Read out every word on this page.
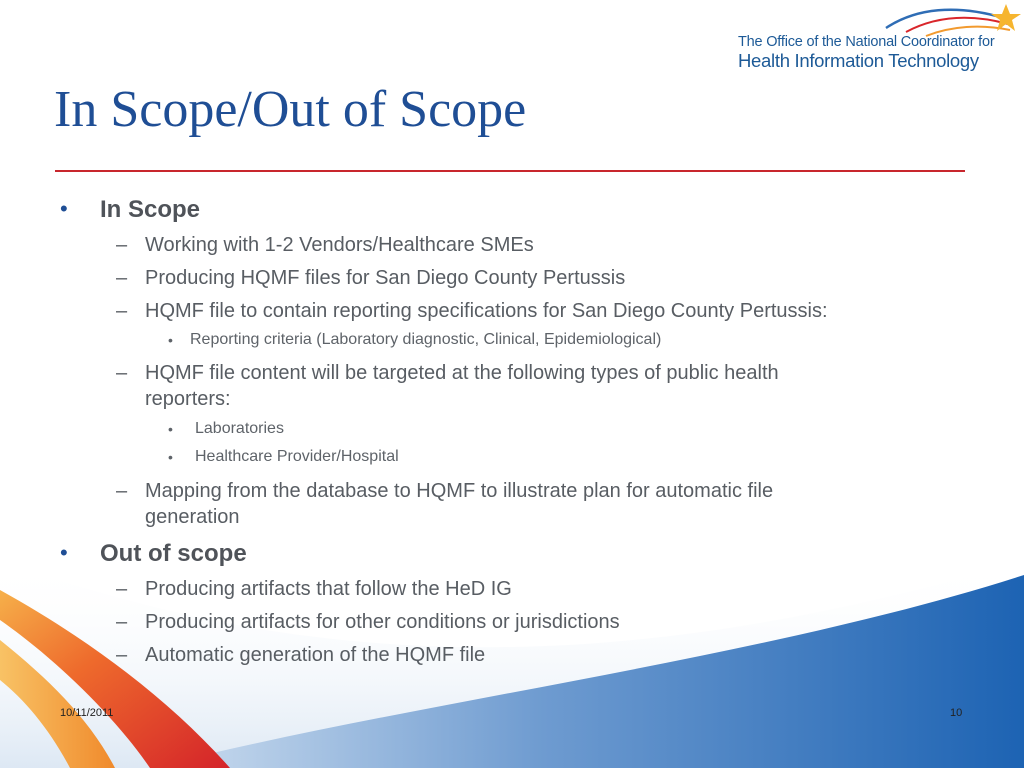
The Office of the National Coordinator for
Health Information Technology
In Scope/Out of Scope
• In Scope
– Working with 1-2 Vendors/Healthcare SMEs
– Producing HQMF files for San Diego County Pertussis
– HQMF file to contain reporting specifications for San Diego County Pertussis:
• Reporting criteria (Laboratory diagnostic, Clinical, Epidemiological)
– HQMF file content will be targeted at the following types of public health
reporters:
• Laboratories
• Healthcare Provider/Hospital
– Mapping from the database to HQMF to illustrate plan for automatic file
generation
• Out of scope
– Producing artifacts that follow the HeD IG
– Producing artifacts for other conditions or jurisdictions
– Automatic generation of the HQMF file
10/11/2011	10
